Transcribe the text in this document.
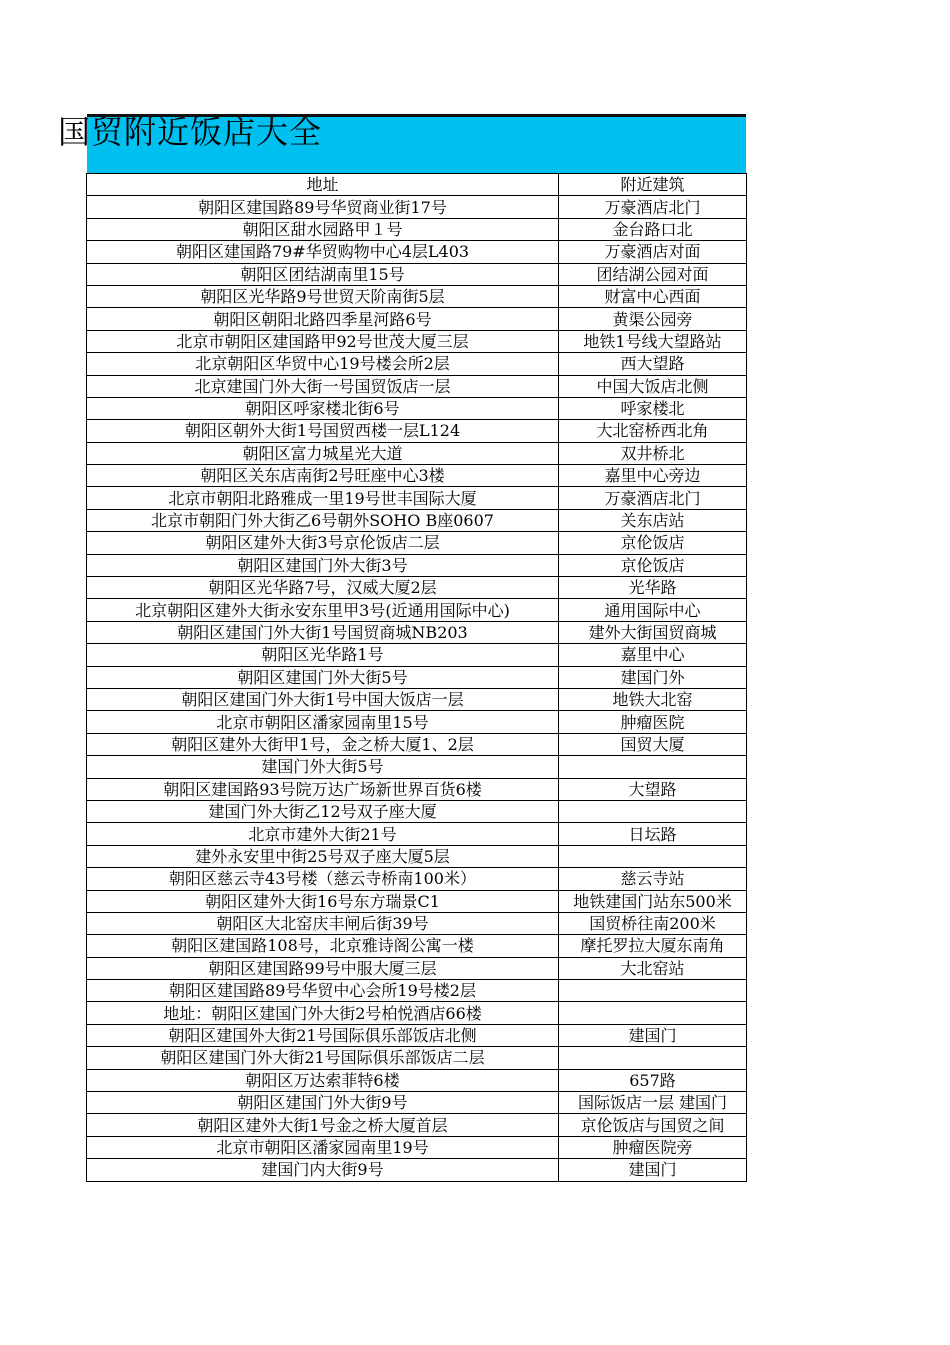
国贸附近饭店大全
地址	附近建筑
朝阳区建国路89号华贸商业街17号	万豪酒店北门
朝阳区甜水园路甲１号	金台路口北
朝阳区建国路79#华贸购物中心4层L403	万豪酒店对面
朝阳区团结湖南里15号	团结湖公园对面
朝阳区光华路9号世贸天阶南街5层	财富中心西面
朝阳区朝阳北路四季星河路6号	黄渠公园旁
北京市朝阳区建国路甲92号世茂大厦三层	地铁1号线大望路站
北京朝阳区华贸中心19号楼会所2层	西大望路
北京建国门外大街一号国贸饭店一层	中国大饭店北侧
朝阳区呼家楼北街6号	呼家楼北
朝阳区朝外大街1号国贸西楼一层L124	大北窑桥西北角
朝阳区富力城星光大道	双井桥北
朝阳区关东店南街2号旺座中心3楼	嘉里中心旁边
北京市朝阳北路雅成一里19号世丰国际大厦	万豪酒店北门
北京市朝阳门外大街乙6号朝外SOHO B座0607	关东店站
朝阳区建外大街3号京伦饭店二层	京伦饭店
朝阳区建国门外大街3号	京伦饭店
朝阳区光华路7号，汉威大厦2层	光华路
北京朝阳区建外大街永安东里甲3号(近通用国际中心)	通用国际中心
朝阳区建国门外大街1号国贸商城NB203	建外大街国贸商城
朝阳区光华路1号	嘉里中心
朝阳区建国门外大街5号	建国门外
朝阳区建国门外大街1号中国大饭店一层	地铁大北窑
北京市朝阳区潘家园南里15号	肿瘤医院
朝阳区建外大街甲1号，金之桥大厦1、2层	国贸大厦
建国门外大街5号	
朝阳区建国路93号院万达广场新世界百货6楼	大望路
建国门外大街乙12号双子座大厦	
北京市建外大街21号	日坛路
建外永安里中街25号双子座大厦5层	
朝阳区慈云寺43号楼（慈云寺桥南100米）	慈云寺站
朝阳区建外大街16号东方瑞景C1	地铁建国门站东500米
朝阳区大北窑庆丰闸后街39号	国贸桥往南200米
朝阳区建国路108号，北京雅诗阁公寓一楼	摩托罗拉大厦东南角
朝阳区建国路99号中服大厦三层	大北窑站
朝阳区建国路89号华贸中心会所19号楼2层	
地址：朝阳区建国门外大街2号柏悦酒店66楼	
朝阳区建国外大街21号国际俱乐部饭店北侧	建国门
朝阳区建国门外大街21号国际俱乐部饭店二层	
朝阳区万达索菲特6楼	657路
朝阳区建国门外大街9号	国际饭店一层 建国门
朝阳区建外大街1号金之桥大厦首层	京伦饭店与国贸之间
北京市朝阳区潘家园南里19号	肿瘤医院旁
建国门内大街9号	建国门
